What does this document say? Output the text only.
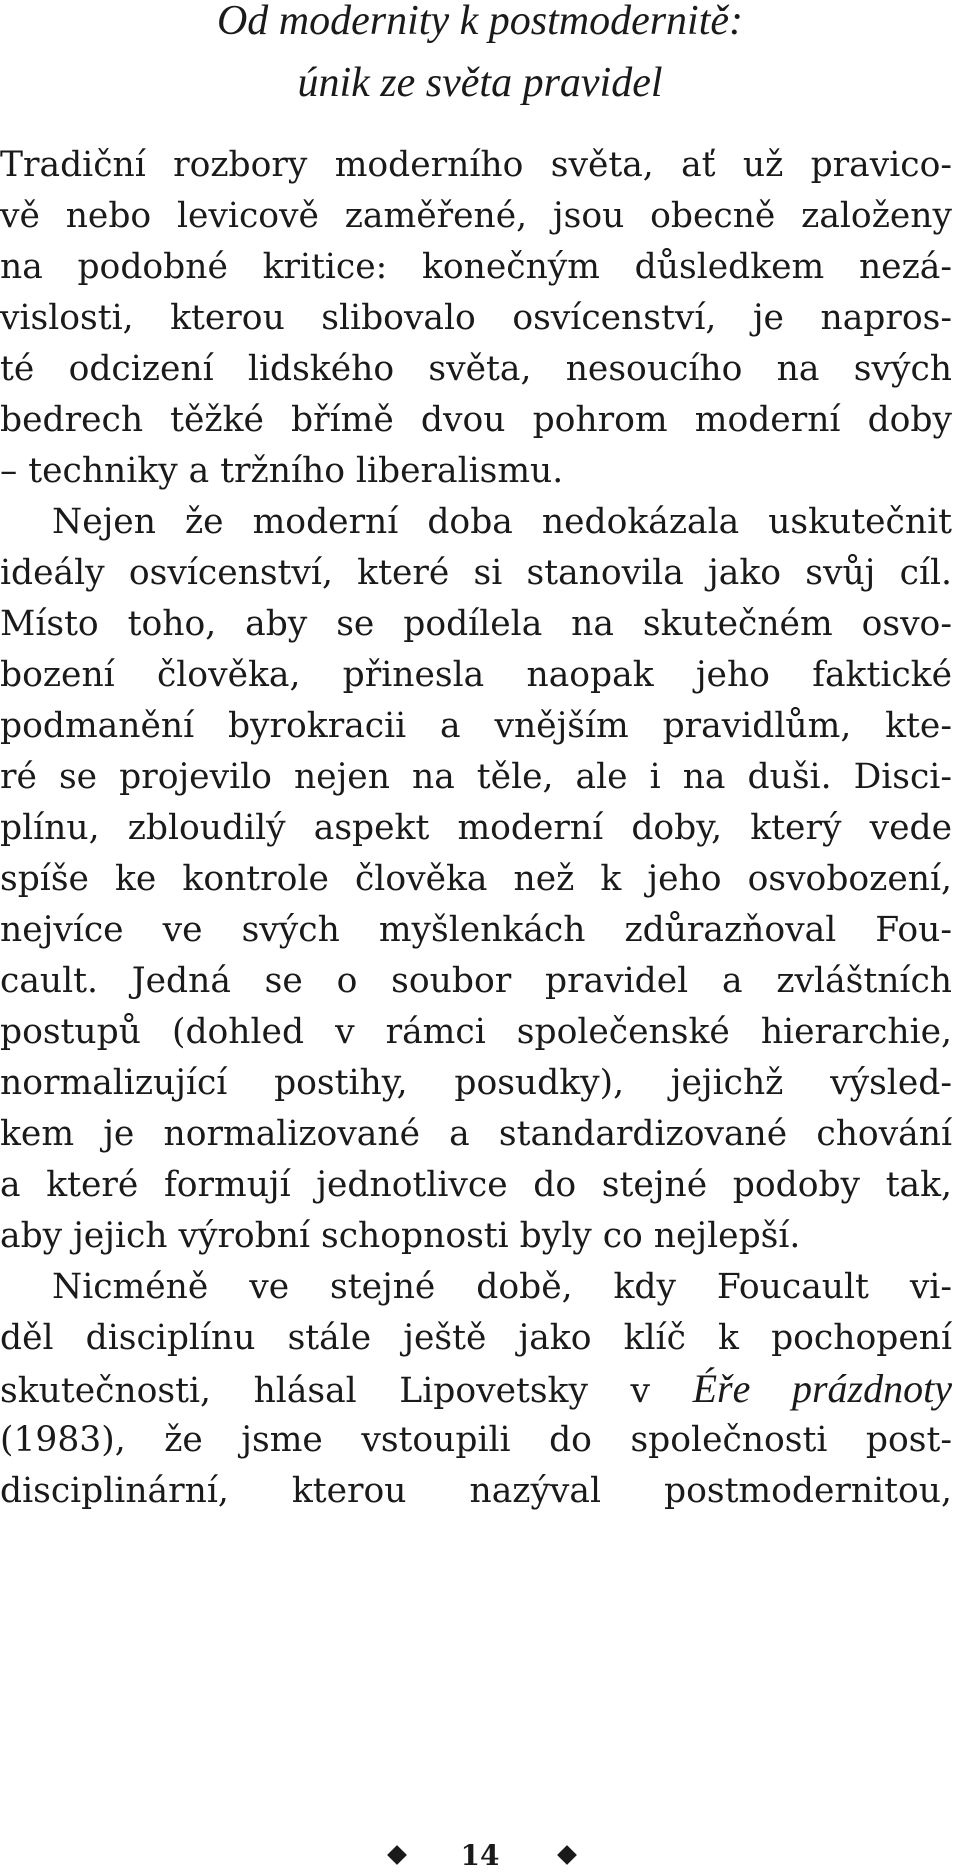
Od modernity k postmodernitě:
únik ze světa pravidel
Tradiční rozbory moderního světa, ať už pravico-
vě nebo levicově zaměřené, jsou obecně založeny
na podobné kritice: konečným důsledkem nezá-
vislosti, kterou slibovalo osvícenství, je napros-
té odcizení lidského světa, nesoucího na svých
bedrech těžké břímě dvou pohrom moderní doby
– techniky a tržního liberalismu.
Nejen že moderní doba nedokázala uskutečnit
ideály osvícenství, které si stanovila jako svůj cíl.
Místo toho, aby se podílela na skutečném osvo-
bození člověka, přinesla naopak jeho faktické
podmanění byrokracii a vnějším pravidlům, kte-
ré se projevilo nejen na těle, ale i na duši. Disci-
plínu, zbloudilý aspekt moderní doby, který vede
spíše ke kontrole člověka než k jeho osvobození,
nejvíce ve svých myšlenkách zdůrazňoval Fou-
cault. Jedná se o soubor pravidel a zvláštních
postupů (dohled v rámci společenské hierarchie,
normalizující postihy, posudky), jejichž výsled-
kem je normalizované a standardizované chování
a které formují jednotlivce do stejné podoby tak,
aby jejich výrobní schopnosti byly co nejlepší.
Nicméně ve stejné době, kdy Foucault vi-
děl disciplínu stále ještě jako klíč k pochopení
skutečnosti, hlásal Lipovetsky v Éře prázdnoty
(1983), že jsme vstoupili do společnosti post-
disciplinární, kterou nazýval postmodernitou,
14
